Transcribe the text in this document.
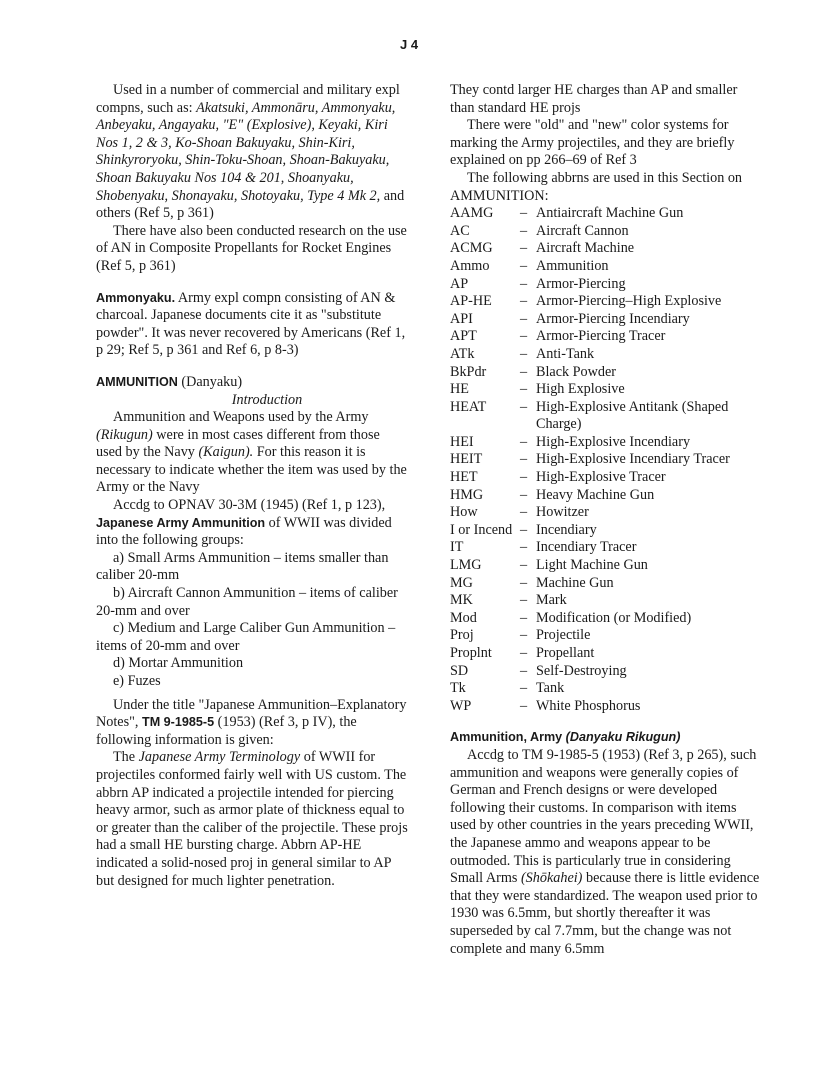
J 4

Used in a number of commercial and military expl compns, such as: Akatsuki, Ammonāru, Ammonyaku, Anbeyaku, Angayaku, "E" (Explosive), Keyaki, Kiri Nos 1, 2 & 3, Ko-Shoan Bakuyaku, Shin-Kiri, Shinkyroryoku, Shin-Toku-Shoan, Shoan-Bakuyaku, Shoan Bakuyaku Nos 104 & 201, Shoanyaku, Shobenyaku, Shonayaku, Shotoyaku, Type 4 Mk 2, and others (Ref 5, p 361)

There have also been conducted research on the use of AN in Composite Propellants for Rocket Engines (Ref 5, p 361)

Ammonyaku. Army expl compn consisting of AN & charcoal. Japanese documents cite it as "substitute powder". It was never recovered by Americans (Ref 1, p 29; Ref 5, p 361 and Ref 6, p 8-3)

AMMUNITION (Danyaku)

Introduction

Ammunition and Weapons used by the Army (Rikugun) were in most cases different from those used by the Navy (Kaigun). For this reason it is necessary to indicate whether the item was used by the Army or the Navy

Accdg to OPNAV 30-3M (1945) (Ref 1, p 123), Japanese Army Ammunition of WWII was divided into the following groups:

a) Small Arms Ammunition – items smaller than caliber 20-mm

b) Aircraft Cannon Ammunition – items of caliber 20-mm and over

c) Medium and Large Caliber Gun Ammunition – items of 20-mm and over

d) Mortar Ammunition

e) Fuzes

Under the title "Japanese Ammunition–Explanatory Notes", TM 9-1985-5 (1953) (Ref 3, p IV), the following information is given:

The Japanese Army Terminology of WWII for projectiles conformed fairly well with US custom. The abbrn AP indicated a projectile intended for piercing heavy armor, such as armor plate of thickness equal to or greater than the caliber of the projectile. These projs had a small HE bursting charge. Abbrn AP-HE indicated a solid-nosed proj in general similar to AP but designed for much lighter penetration.

They contd larger HE charges than AP and smaller than standard HE projs

There were "old" and "new" color systems for marking the Army projectiles, and they are briefly explained on pp 266–69 of Ref 3

The following abbrns are used in this Section on AMMUNITION:

AAMG	– Antiaircraft Machine Gun
AC	– Aircraft Cannon
ACMG	– Aircraft Machine
Ammo	– Ammunition
AP	– Armor-Piercing
AP-HE	– Armor-Piercing–High Explosive
API	– Armor-Piercing Incendiary
APT	– Armor-Piercing Tracer
ATk	– Anti-Tank
BkPdr	– Black Powder
HE	– High Explosive
HEAT	– High-Explosive Antitank (Shaped Charge)
HEI	– High-Explosive Incendiary
HEIT	– High-Explosive Incendiary Tracer
HET	– High-Explosive Tracer
HMG	– Heavy Machine Gun
How	– Howitzer
I or Incend – Incendiary
IT	– Incendiary Tracer
LMG	– Light Machine Gun
MG	– Machine Gun
MK	– Mark
Mod	– Modification (or Modified)
Proj	– Projectile
Proplnt	– Propellant
SD	– Self-Destroying
Tk	– Tank
WP	– White Phosphorus

Ammunition, Army (Danyaku Rikugun)

Accdg to TM 9-1985-5 (1953) (Ref 3, p 265), such ammunition and weapons were generally copies of German and French designs or were developed following their customs. In comparison with items used by other countries in the years preceding WWII, the Japanese ammo and weapons appear to be outmoded. This is particularly true in considering Small Arms (Shōkahei) because there is little evidence that they were standardized. The weapon used prior to 1930 was 6.5mm, but shortly thereafter it was superseded by cal 7.7mm, but the change was not complete and many 6.5mm
